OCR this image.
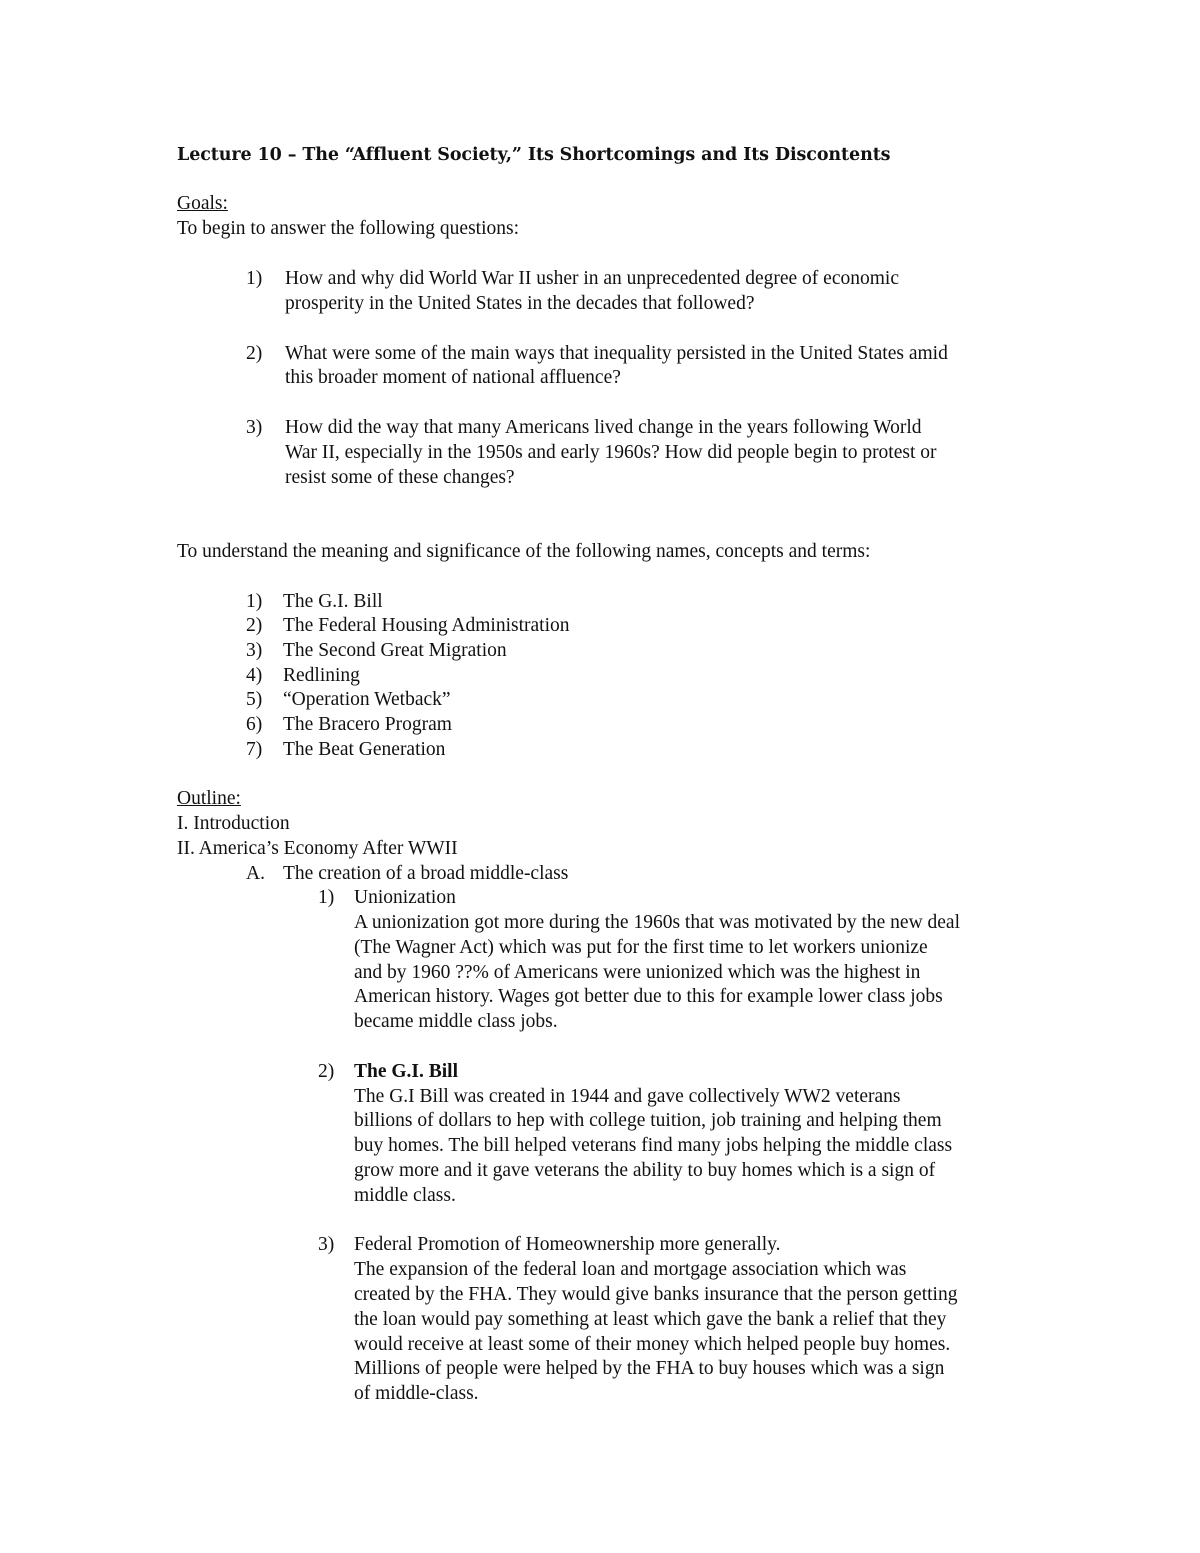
Lecture 10 – The “Affluent Society,” Its Shortcomings and Its Discontents
Goals:
To begin to answer the following questions:
1) How and why did World War II usher in an unprecedented degree of economic
prosperity in the United States in the decades that followed?
2) What were some of the main ways that inequality persisted in the United States amid
this broader moment of national affluence?
3) How did the way that many Americans lived change in the years following World
War II, especially in the 1950s and early 1960s? How did people begin to protest or
resist some of these changes?
To understand the meaning and significance of the following names, concepts and terms:
1) The G.I. Bill
2) The Federal Housing Administration
3) The Second Great Migration
4) Redlining
5) “Operation Wetback”
6) The Bracero Program
7) The Beat Generation
Outline:
I. Introduction
II. America’s Economy After WWII
A. The creation of a broad middle-class
1) Unionization
A unionization got more during the 1960s that was motivated by the new deal
(The Wagner Act) which was put for the first time to let workers unionize
and by 1960 ??% of Americans were unionized which was the highest in
American history. Wages got better due to this for example lower class jobs
became middle class jobs.
2) The G.I. Bill
The G.I Bill was created in 1944 and gave collectively WW2 veterans
billions of dollars to hep with college tuition, job training and helping them
buy homes. The bill helped veterans find many jobs helping the middle class
grow more and it gave veterans the ability to buy homes which is a sign of
middle class.
3) Federal Promotion of Homeownership more generally.
The expansion of the federal loan and mortgage association which was
created by the FHA. They would give banks insurance that the person getting
the loan would pay something at least which gave the bank a relief that they
would receive at least some of their money which helped people buy homes.
Millions of people were helped by the FHA to buy houses which was a sign
of middle-class.
